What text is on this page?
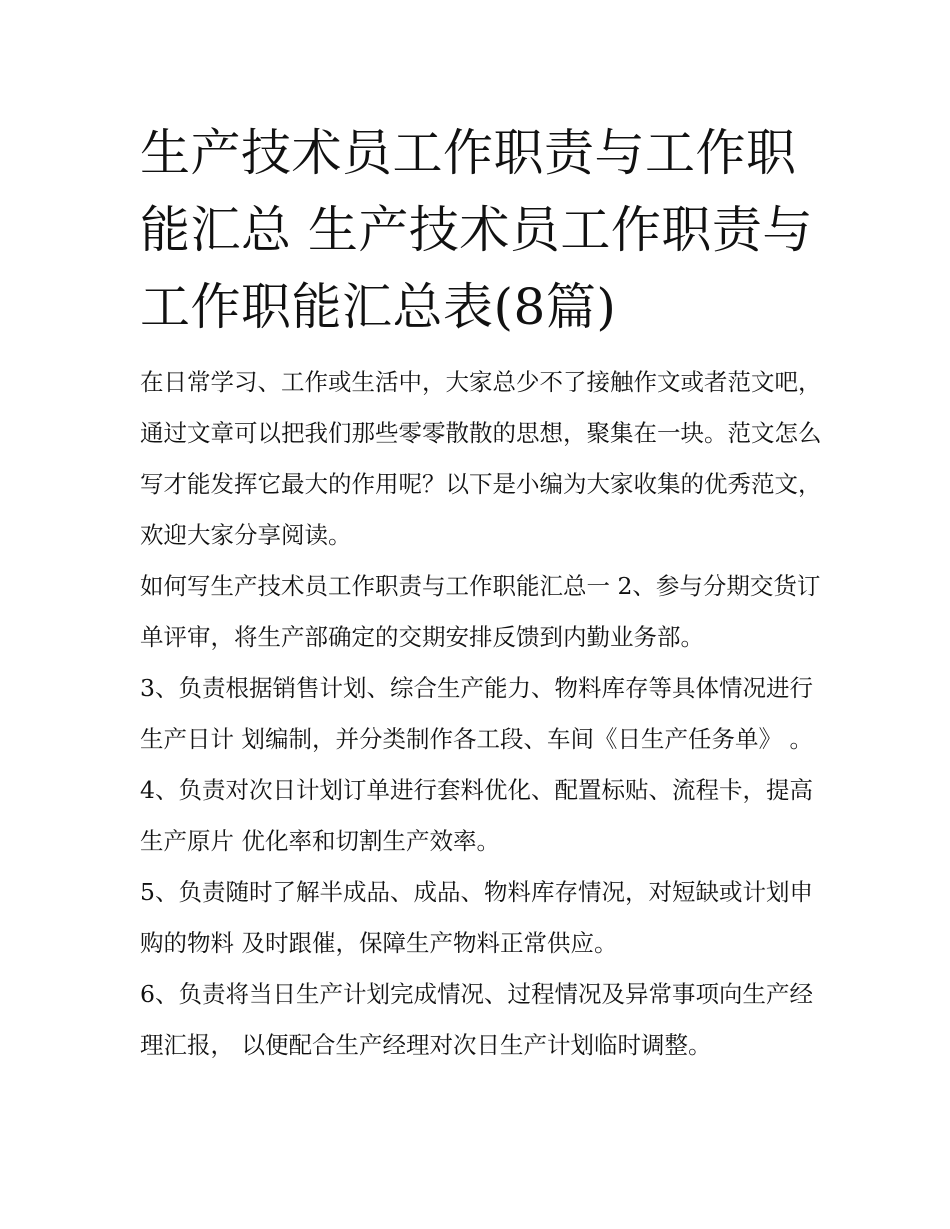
生产技术员工作职责与工作职能汇总 生产技术员工作职责与工作职能汇总表(8篇)

在日常学习、工作或生活中，大家总少不了接触作文或者范文吧，通过文章可以把我们那些零零散散的思想，聚集在一块。范文怎么写才能发挥它最大的作用呢？以下是小编为大家收集的优秀范文，欢迎大家分享阅读。

如何写生产技术员工作职责与工作职能汇总一 2、参与分期交货订单评审，将生产部确定的交期安排反馈到内勤业务部。

3、负责根据销售计划、综合生产能力、物料库存等具体情况进行生产日计 划编制，并分类制作各工段、车间《日生产任务单》 。

4、负责对次日计划订单进行套料优化、配置标贴、流程卡，提高生产原片 优化率和切割生产效率。

5、负责随时了解半成品、成品、物料库存情况，对短缺或计划申购的物料 及时跟催，保障生产物料正常供应。

6、负责将当日生产计划完成情况、过程情况及异常事项向生产经理汇报， 以便配合生产经理对次日生产计划临时调整。
